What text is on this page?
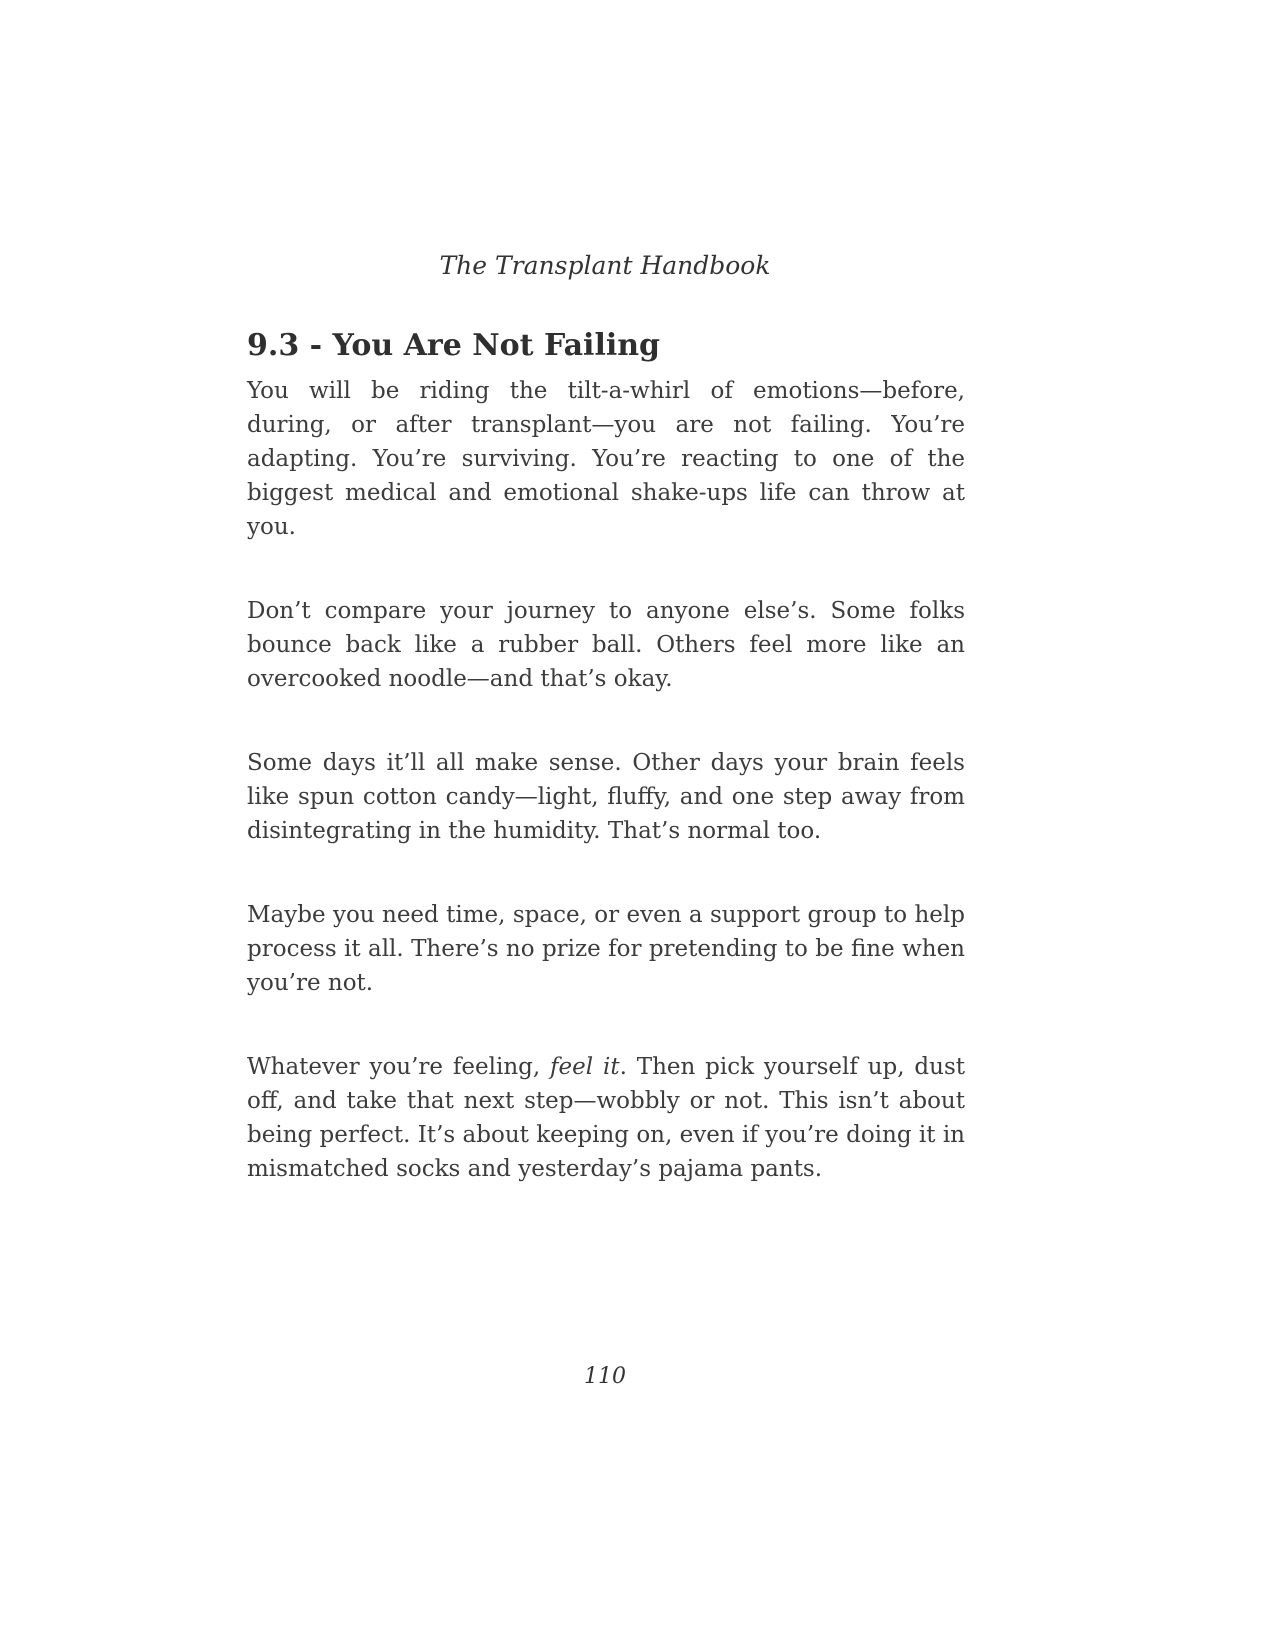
The Transplant Handbook
9.3 - You Are Not Failing

You will be riding the tilt-a-whirl of emotions—before, during, or after transplant—you are not failing. You’re adapting. You’re surviving. You’re reacting to one of the biggest medical and emotional shake-ups life can throw at you.

Don’t compare your journey to anyone else’s. Some folks bounce back like a rubber ball. Others feel more like an overcooked noodle—and that’s okay.

Some days it’ll all make sense. Other days your brain feels like spun cotton candy—light, fluffy, and one step away from disintegrating in the humidity. That’s normal too.

Maybe you need time, space, or even a support group to help process it all. There’s no prize for pretending to be fine when you’re not.

Whatever you’re feeling, feel it. Then pick yourself up, dust off, and take that next step—wobbly or not. This isn’t about being perfect. It’s about keeping on, even if you’re doing it in mismatched socks and yesterday’s pajama pants.

110
